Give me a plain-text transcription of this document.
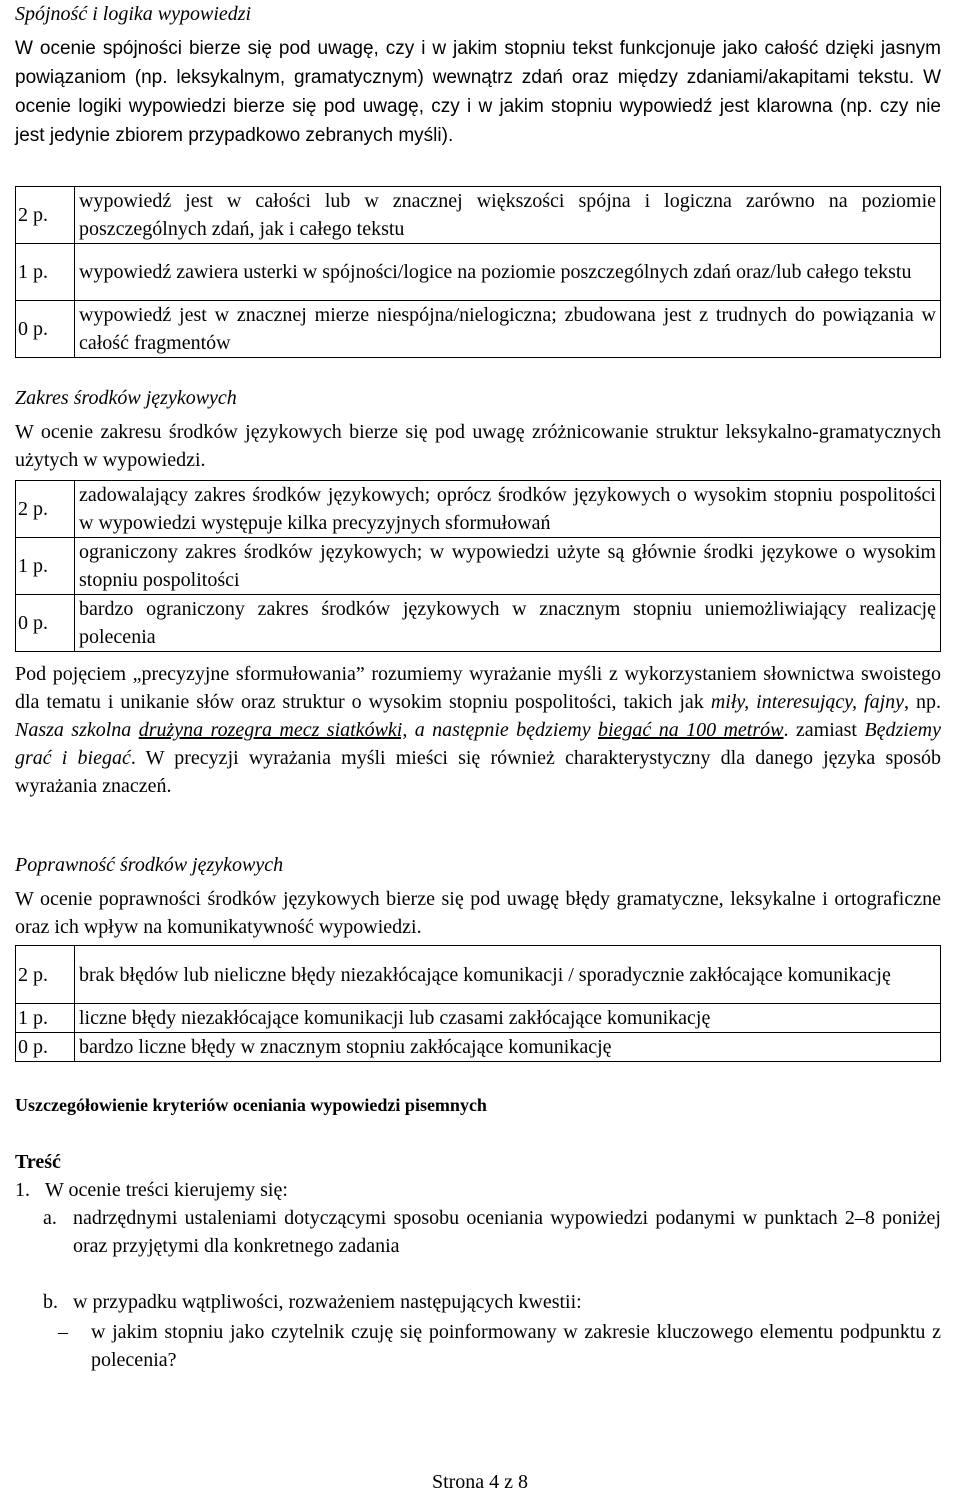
Spójność i logika wypowiedzi

W ocenie spójności bierze się pod uwagę, czy i w jakim stopniu tekst funkcjonuje jako całość dzięki jasnym powiązaniom (np. leksykalnym, gramatycznym) wewnątrz zdań oraz między zdaniami/akapitami tekstu. W ocenie logiki wypowiedzi bierze się pod uwagę, czy i w jakim stopniu wypowiedź jest klarowna (np. czy nie jest jedynie zbiorem przypadkowo zebranych myśli).

2 p.	wypowiedź jest w całości lub w znacznej większości spójna i logiczna zarówno na poziomie poszczególnych zdań, jak i całego tekstu
1 p.	wypowiedź zawiera usterki w spójności/logice na poziomie poszczególnych zdań oraz/lub całego tekstu
0 p.	wypowiedź jest w znacznej mierze niespójna/nielogiczna; zbudowana jest z trudnych do powiązania w całość fragmentów

Zakres środków językowych

W ocenie zakresu środków językowych bierze się pod uwagę zróżnicowanie struktur leksykalno-gramatycznych użytych w wypowiedzi.

2 p.	zadowalający zakres środków językowych; oprócz środków językowych o wysokim stopniu pospolitości w wypowiedzi występuje kilka precyzyjnych sformułowań
1 p.	ograniczony zakres środków językowych; w wypowiedzi użyte są głównie środki językowe o wysokim stopniu pospolitości
0 p.	bardzo ograniczony zakres środków językowych w znacznym stopniu uniemożliwiający realizację polecenia

Pod pojęciem „precyzyjne sformułowania” rozumiemy wyrażanie myśli z wykorzystaniem słownictwa swoistego dla tematu i unikanie słów oraz struktur o wysokim stopniu pospolitości, takich jak miły, interesujący, fajny, np. Nasza szkolna drużyna rozegra mecz siatkówki, a następnie będziemy biegać na 100 metrów. zamiast Będziemy grać i biegać. W precyzji wyrażania myśli mieści się również charakterystyczny dla danego języka sposób wyrażania znaczeń.

Poprawność środków językowych

W ocenie poprawności środków językowych bierze się pod uwagę błędy gramatyczne, leksykalne i ortograficzne oraz ich wpływ na komunikatywność wypowiedzi.

2 p.	brak błędów lub nieliczne błędy niezakłócające komunikacji / sporadycznie zakłócające komunikację
1 p.	liczne błędy niezakłócające komunikacji lub czasami zakłócające komunikację
0 p.	bardzo liczne błędy w znacznym stopniu zakłócające komunikację

Uszczegółowienie kryteriów oceniania wypowiedzi pisemnych

Treść

1. W ocenie treści kierujemy się:
a. nadrzędnymi ustaleniami dotyczącymi sposobu oceniania wypowiedzi podanymi w punktach 2–8 poniżej oraz przyjętymi dla konkretnego zadania
b. w przypadku wątpliwości, rozważeniem następujących kwestii:
–	w jakim stopniu jako czytelnik czuję się poinformowany w zakresie kluczowego elementu podpunktu z polecenia?
Strona 4 z 8
